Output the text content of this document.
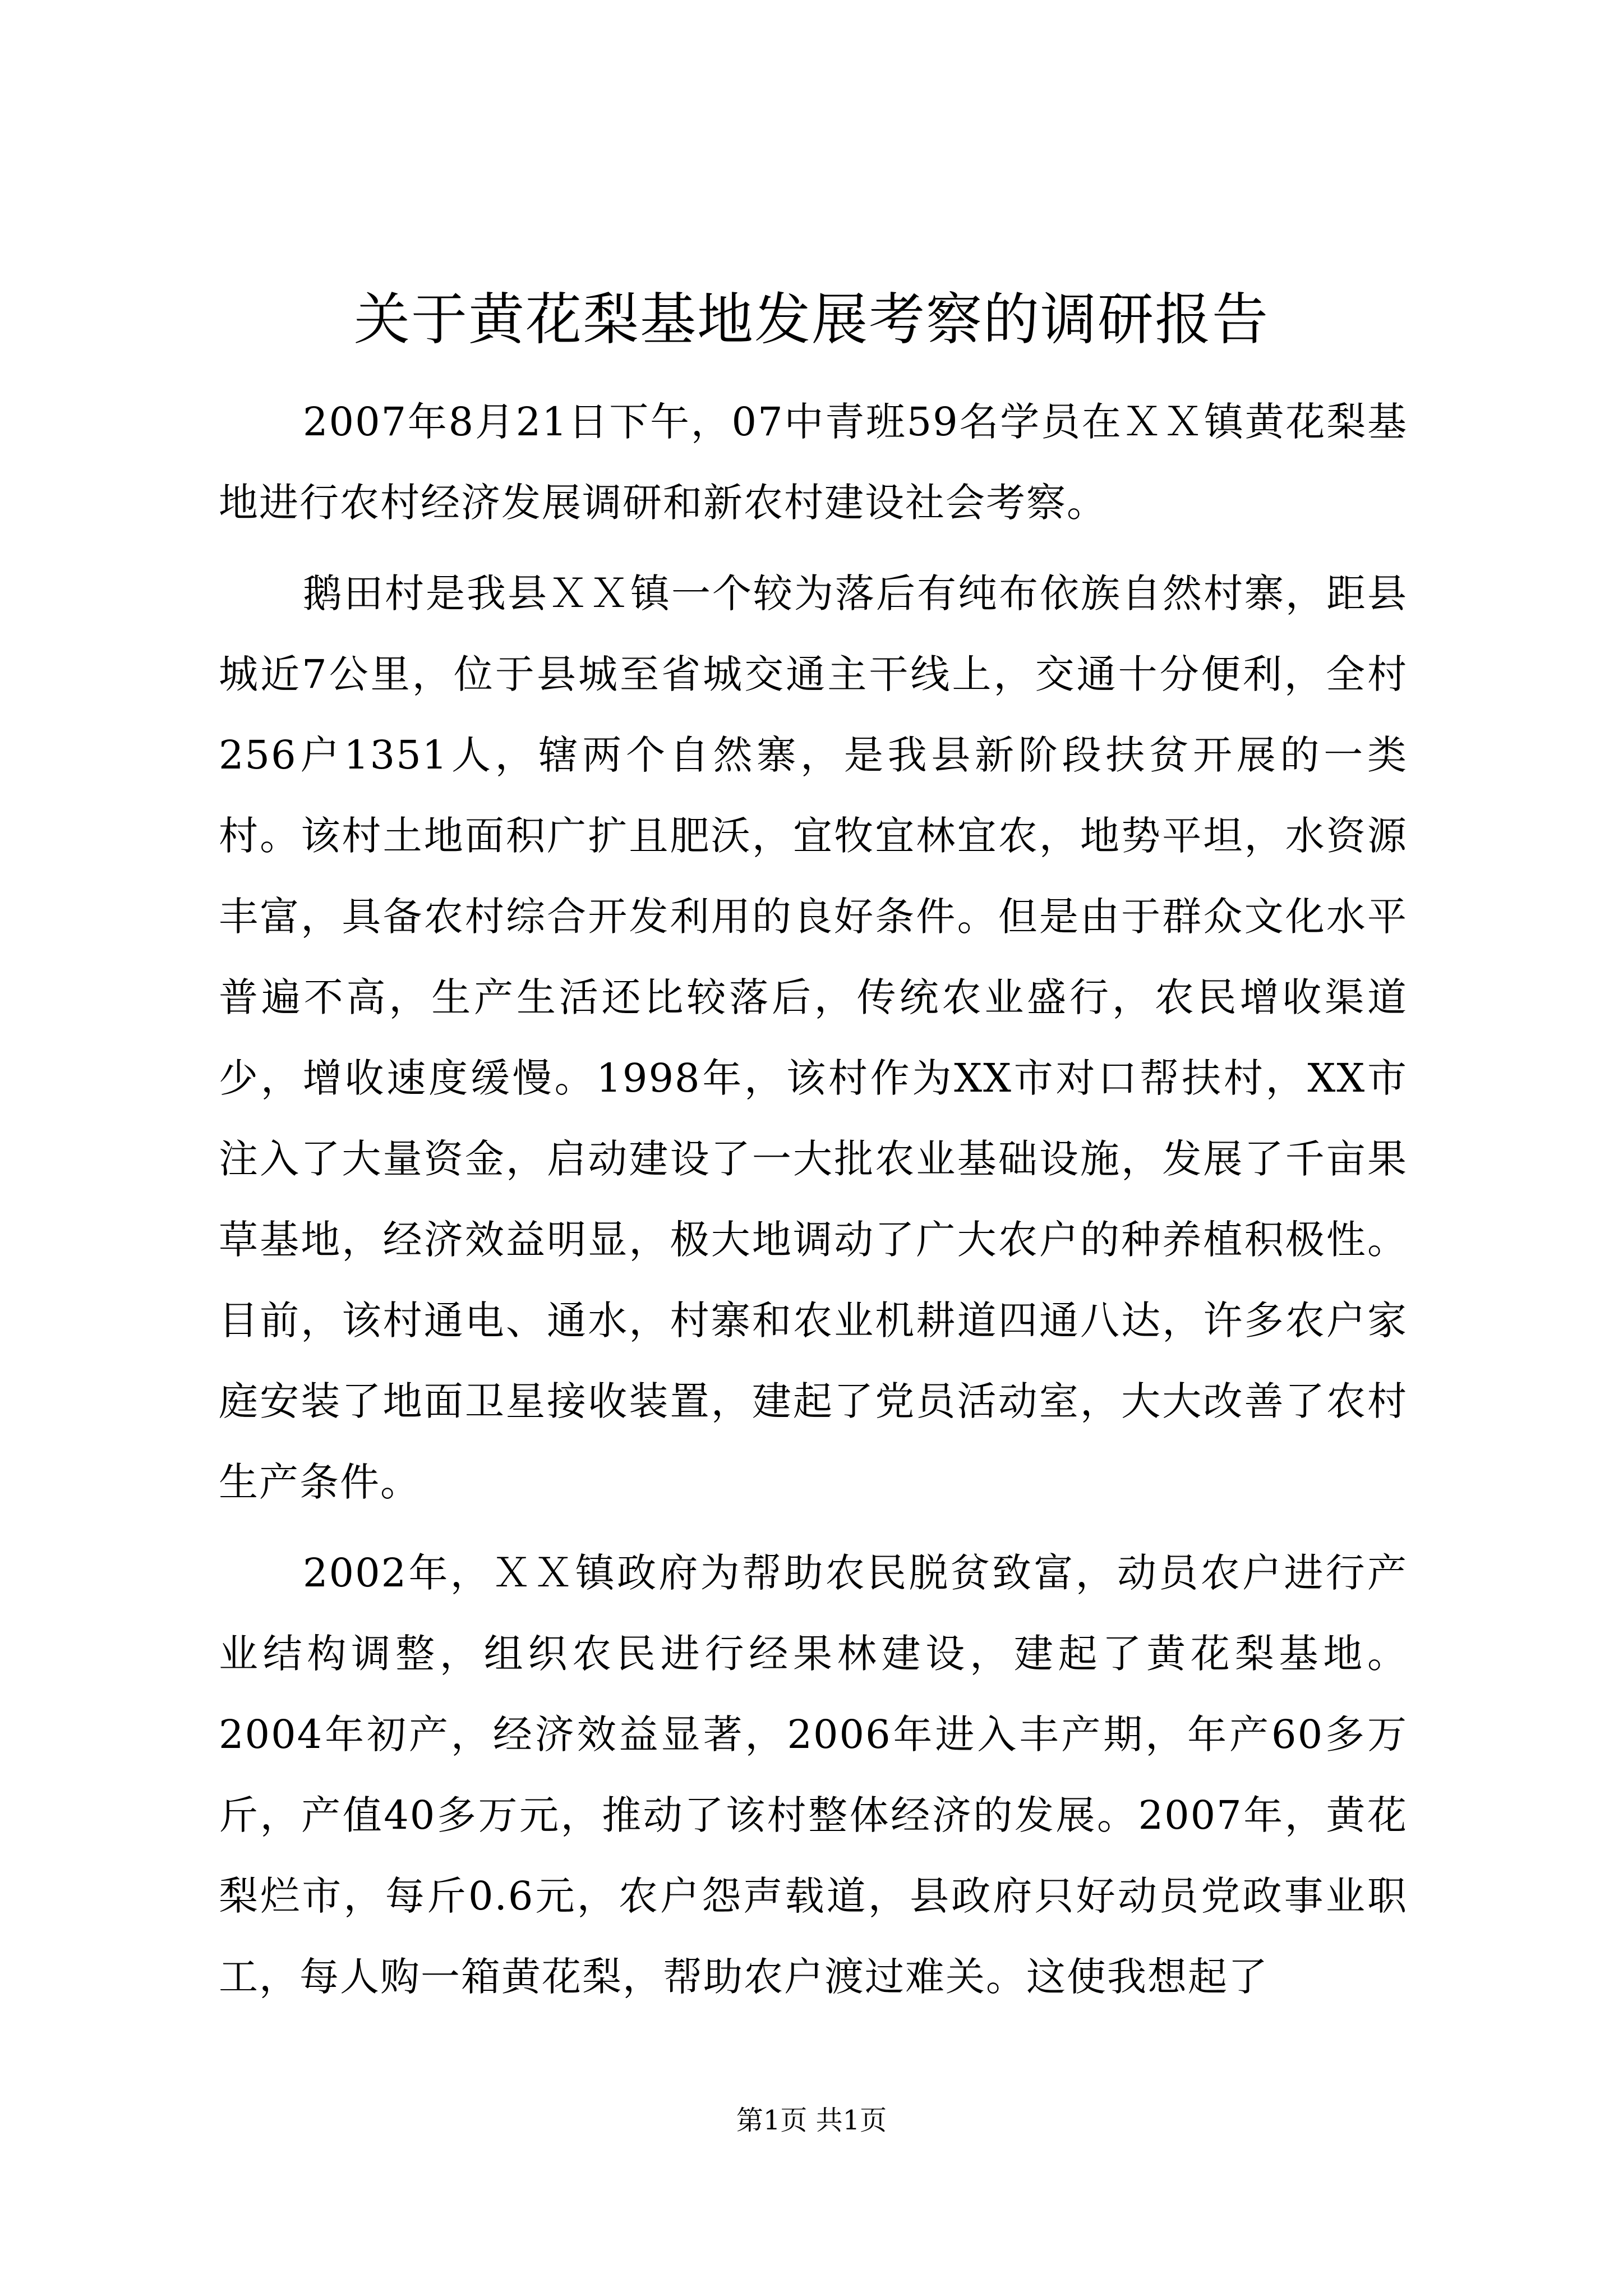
关于黄花梨基地发展考察的调研报告

2007年8月21日下午，07中青班59名学员在ＸＸ镇黄花梨基地进行农村经济发展调研和新农村建设社会考察。

鹅田村是我县ＸＸ镇一个较为落后有纯布依族自然村寨，距县城近7公里，位于县城至省城交通主干线上，交通十分便利，全村256户1351人，辖两个自然寨，是我县新阶段扶贫开展的一类村。该村土地面积广扩且肥沃，宜牧宜林宜农，地势平坦，水资源丰富，具备农村综合开发利用的良好条件。但是由于群众文化水平普遍不高，生产生活还比较落后，传统农业盛行，农民增收渠道少，增收速度缓慢。1998年，该村作为XX市对口帮扶村，XX市注入了大量资金，启动建设了一大批农业基础设施，发展了千亩果草基地，经济效益明显，极大地调动了广大农户的种养植积极性。目前，该村通电、通水，村寨和农业机耕道四通八达，许多农户家庭安装了地面卫星接收装置，建起了党员活动室，大大改善了农村生产条件。

2002年，ＸＸ镇政府为帮助农民脱贫致富，动员农户进行产业结构调整，组织农民进行经果林建设，建起了黄花梨基地。2004年初产，经济效益显著，2006年进入丰产期，年产60多万斤，产值40多万元，推动了该村整体经济的发展。2007年，黄花梨烂市，每斤0.6元，农户怨声载道，县政府只好动员党政事业职工，每人购一箱黄花梨，帮助农户渡过难关。这使我想起了

第1页 共1页
